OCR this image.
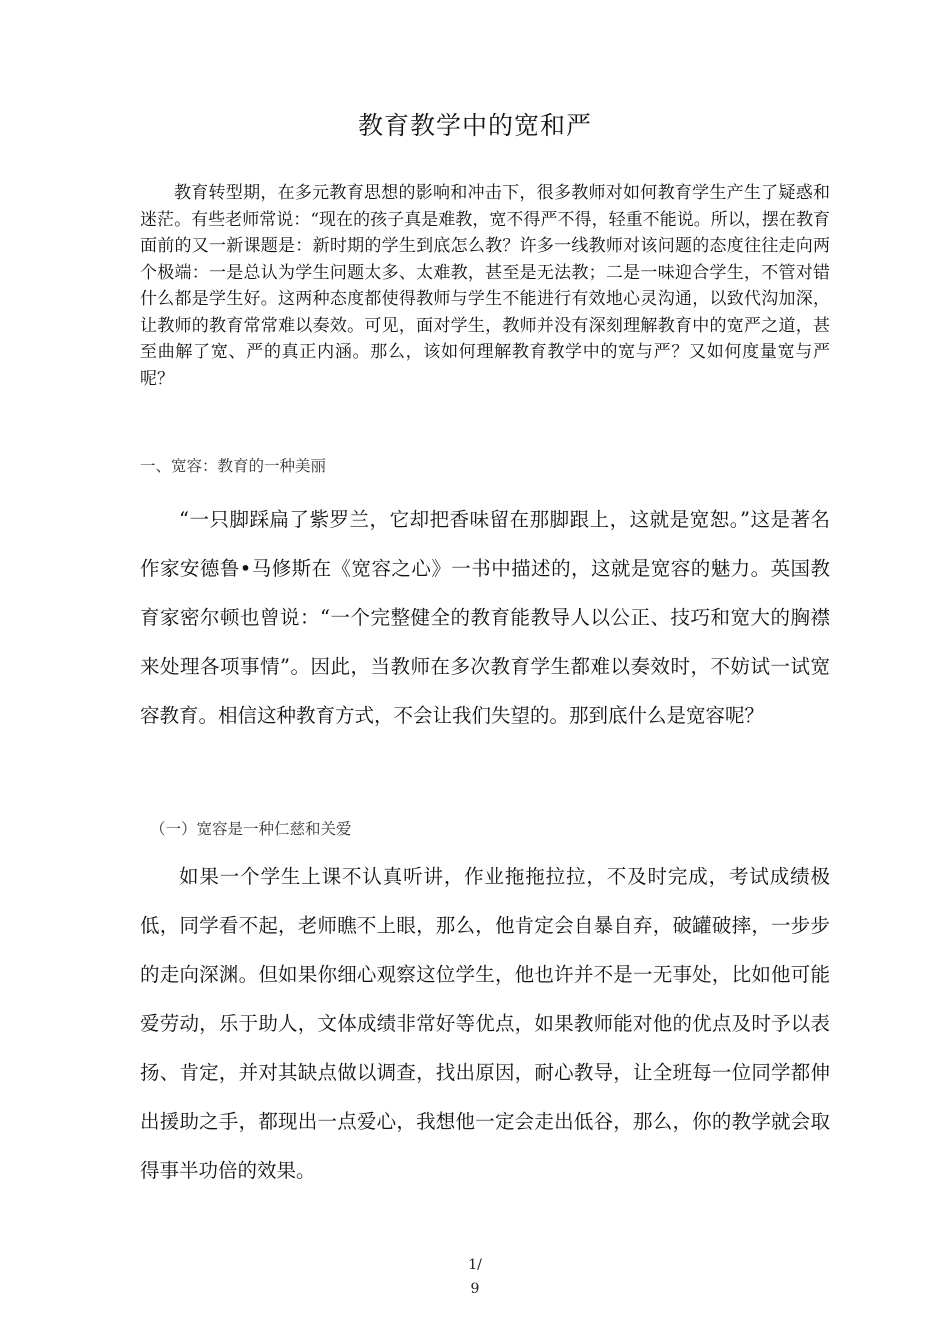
教育教学中的宽和严

教育转型期，在多元教育思想的影响和冲击下，很多教师对如何教育学生产生了疑惑和迷茫。有些老师常说：“现在的孩子真是难教，宽不得严不得，轻重不能说。所以，摆在教育面前的又一新课题是：新时期的学生到底怎么教？许多一线教师对该问题的态度往往走向两个极端：一是总认为学生问题太多、太难教，甚至是无法教；二是一味迎合学生，不管对错什么都是学生好。这两种态度都使得教师与学生不能进行有效地心灵沟通，以致代沟加深，让教师的教育常常难以奏效。可见，面对学生，教师并没有深刻理解教育中的宽严之道，甚至曲解了宽、严的真正内涵。那么，该如何理解教育教学中的宽与严？又如何度量宽与严呢？

一、宽容：教育的一种美丽

“一只脚踩扁了紫罗兰，它却把香味留在那脚跟上，这就是宽恕。”这是著名作家安德鲁•马修斯在《宽容之心》一书中描述的，这就是宽容的魅力。英国教育家密尔顿也曾说：“一个完整健全的教育能教导人以公正、技巧和宽大的胸襟来处理各项事情”。因此，当教师在多次教育学生都难以奏效时，不妨试一试宽容教育。相信这种教育方式，不会让我们失望的。那到底什么是宽容呢？

（一）宽容是一种仁慈和关爱

如果一个学生上课不认真听讲，作业拖拖拉拉，不及时完成，考试成绩极低，同学看不起，老师瞧不上眼，那么，他肯定会自暴自弃，破罐破摔，一步步的走向深渊。但如果你细心观察这位学生，他也许并不是一无事处，比如他可能爱劳动，乐于助人，文体成绩非常好等优点，如果教师能对他的优点及时予以表扬、肯定，并对其缺点做以调查，找出原因，耐心教导，让全班每一位同学都伸出援助之手，都现出一点爱心，我想他一定会走出低谷，那么，你的教学就会取得事半功倍的效果。

1/
9
